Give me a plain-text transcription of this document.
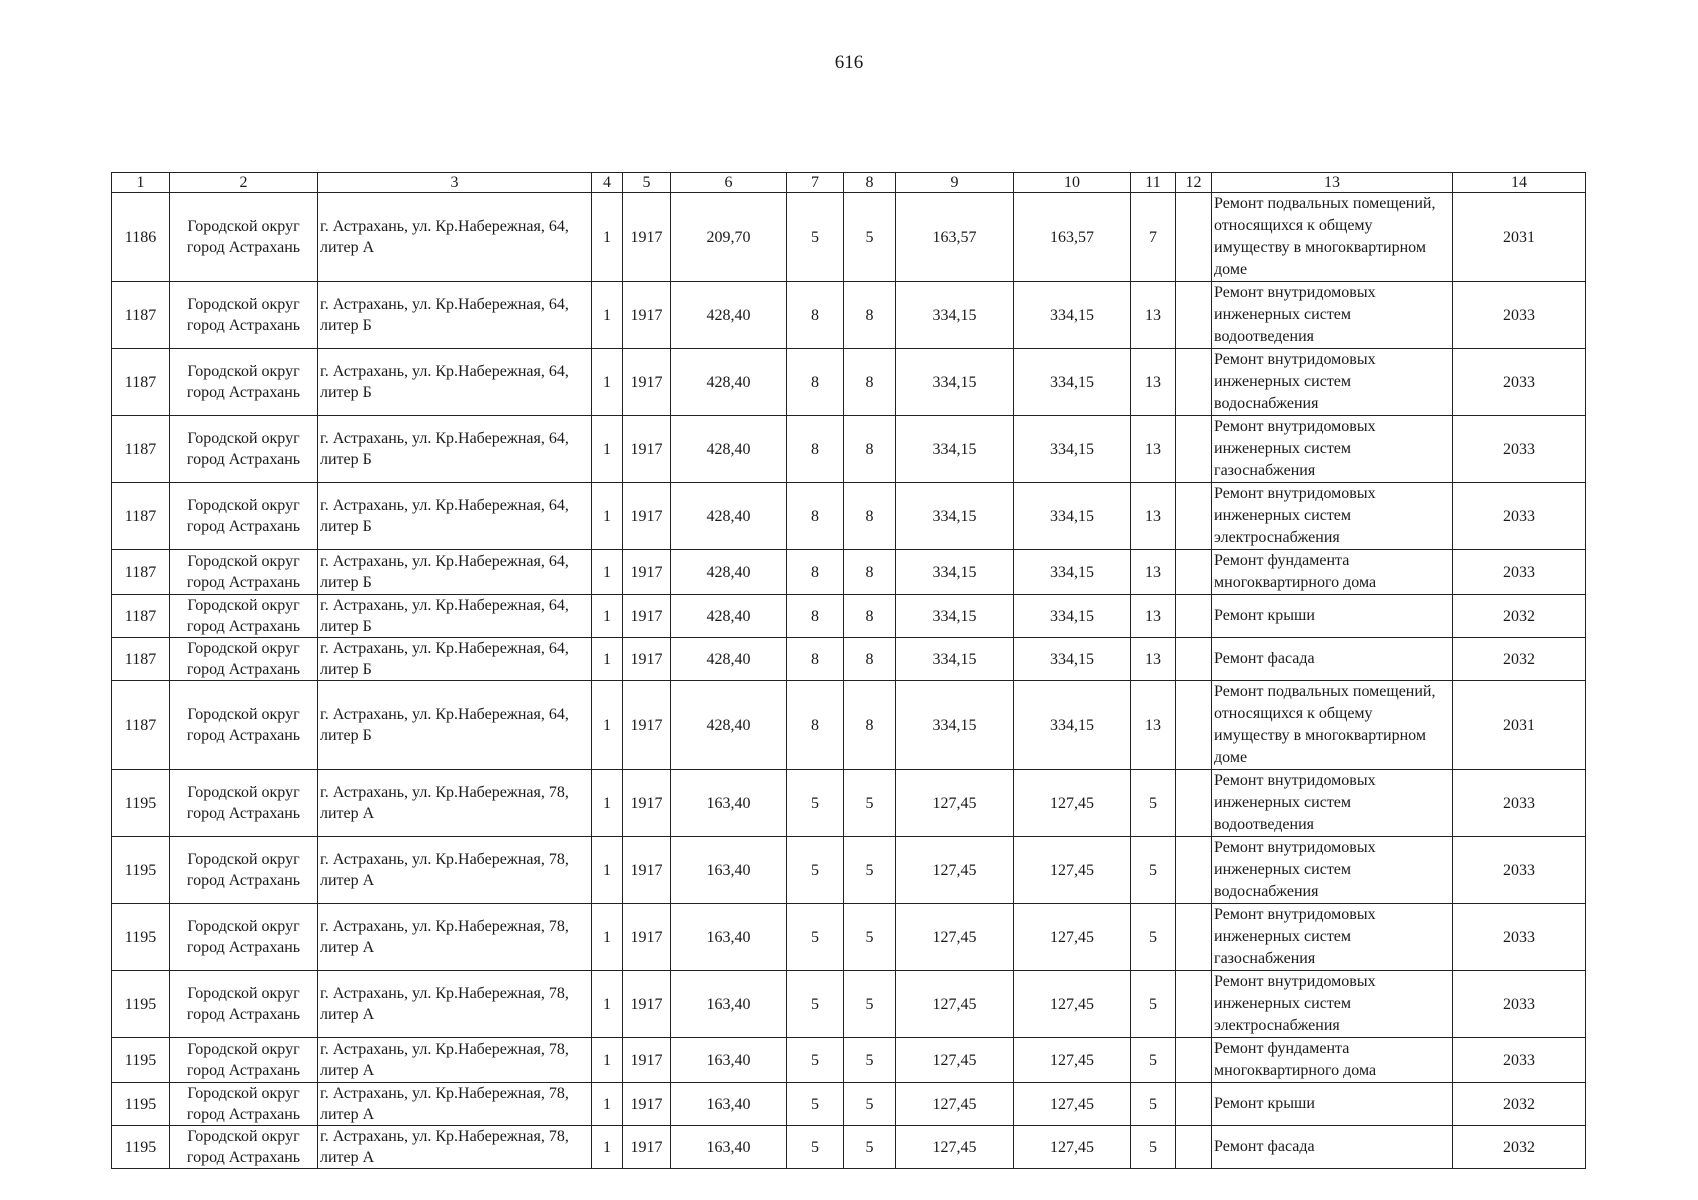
616
1	2	3	4	5	6	7	8	9	10	11	12	13	14
1186	Городской округ город Астрахань	г. Астрахань, ул. Кр.Набережная, 64, литер А	1	1917	209,70	5	5	163,57	163,57	7		Ремонт подвальных помещений, относящихся к общему имуществу в многоквартирном доме	2031
1187	Городской округ город Астрахань	г. Астрахань, ул. Кр.Набережная, 64, литер Б	1	1917	428,40	8	8	334,15	334,15	13		Ремонт внутридомовых инженерных систем водоотведения	2033
1187	Городской округ город Астрахань	г. Астрахань, ул. Кр.Набережная, 64, литер Б	1	1917	428,40	8	8	334,15	334,15	13		Ремонт внутридомовых инженерных систем водоснабжения	2033
1187	Городской округ город Астрахань	г. Астрахань, ул. Кр.Набережная, 64, литер Б	1	1917	428,40	8	8	334,15	334,15	13		Ремонт внутридомовых инженерных систем газоснабжения	2033
1187	Городской округ город Астрахань	г. Астрахань, ул. Кр.Набережная, 64, литер Б	1	1917	428,40	8	8	334,15	334,15	13		Ремонт внутридомовых инженерных систем электроснабжения	2033
1187	Городской округ город Астрахань	г. Астрахань, ул. Кр.Набережная, 64, литер Б	1	1917	428,40	8	8	334,15	334,15	13		Ремонт фундамента многоквартирного дома	2033
1187	Городской округ город Астрахань	г. Астрахань, ул. Кр.Набережная, 64, литер Б	1	1917	428,40	8	8	334,15	334,15	13		Ремонт крыши	2032
1187	Городской округ город Астрахань	г. Астрахань, ул. Кр.Набережная, 64, литер Б	1	1917	428,40	8	8	334,15	334,15	13		Ремонт фасада	2032
1187	Городской округ город Астрахань	г. Астрахань, ул. Кр.Набережная, 64, литер Б	1	1917	428,40	8	8	334,15	334,15	13		Ремонт подвальных помещений, относящихся к общему имуществу в многоквартирном доме	2031
1195	Городской округ город Астрахань	г. Астрахань, ул. Кр.Набережная, 78, литер А	1	1917	163,40	5	5	127,45	127,45	5		Ремонт внутридомовых инженерных систем водоотведения	2033
1195	Городской округ город Астрахань	г. Астрахань, ул. Кр.Набережная, 78, литер А	1	1917	163,40	5	5	127,45	127,45	5		Ремонт внутридомовых инженерных систем водоснабжения	2033
1195	Городской округ город Астрахань	г. Астрахань, ул. Кр.Набережная, 78, литер А	1	1917	163,40	5	5	127,45	127,45	5		Ремонт внутридомовых инженерных систем газоснабжения	2033
1195	Городской округ город Астрахань	г. Астрахань, ул. Кр.Набережная, 78, литер А	1	1917	163,40	5	5	127,45	127,45	5		Ремонт внутридомовых инженерных систем электроснабжения	2033
1195	Городской округ город Астрахань	г. Астрахань, ул. Кр.Набережная, 78, литер А	1	1917	163,40	5	5	127,45	127,45	5		Ремонт фундамента многоквартирного дома	2033
1195	Городской округ город Астрахань	г. Астрахань, ул. Кр.Набережная, 78, литер А	1	1917	163,40	5	5	127,45	127,45	5		Ремонт крыши	2032
1195	Городской округ город Астрахань	г. Астрахань, ул. Кр.Набережная, 78, литер А	1	1917	163,40	5	5	127,45	127,45	5		Ремонт фасада	2032
